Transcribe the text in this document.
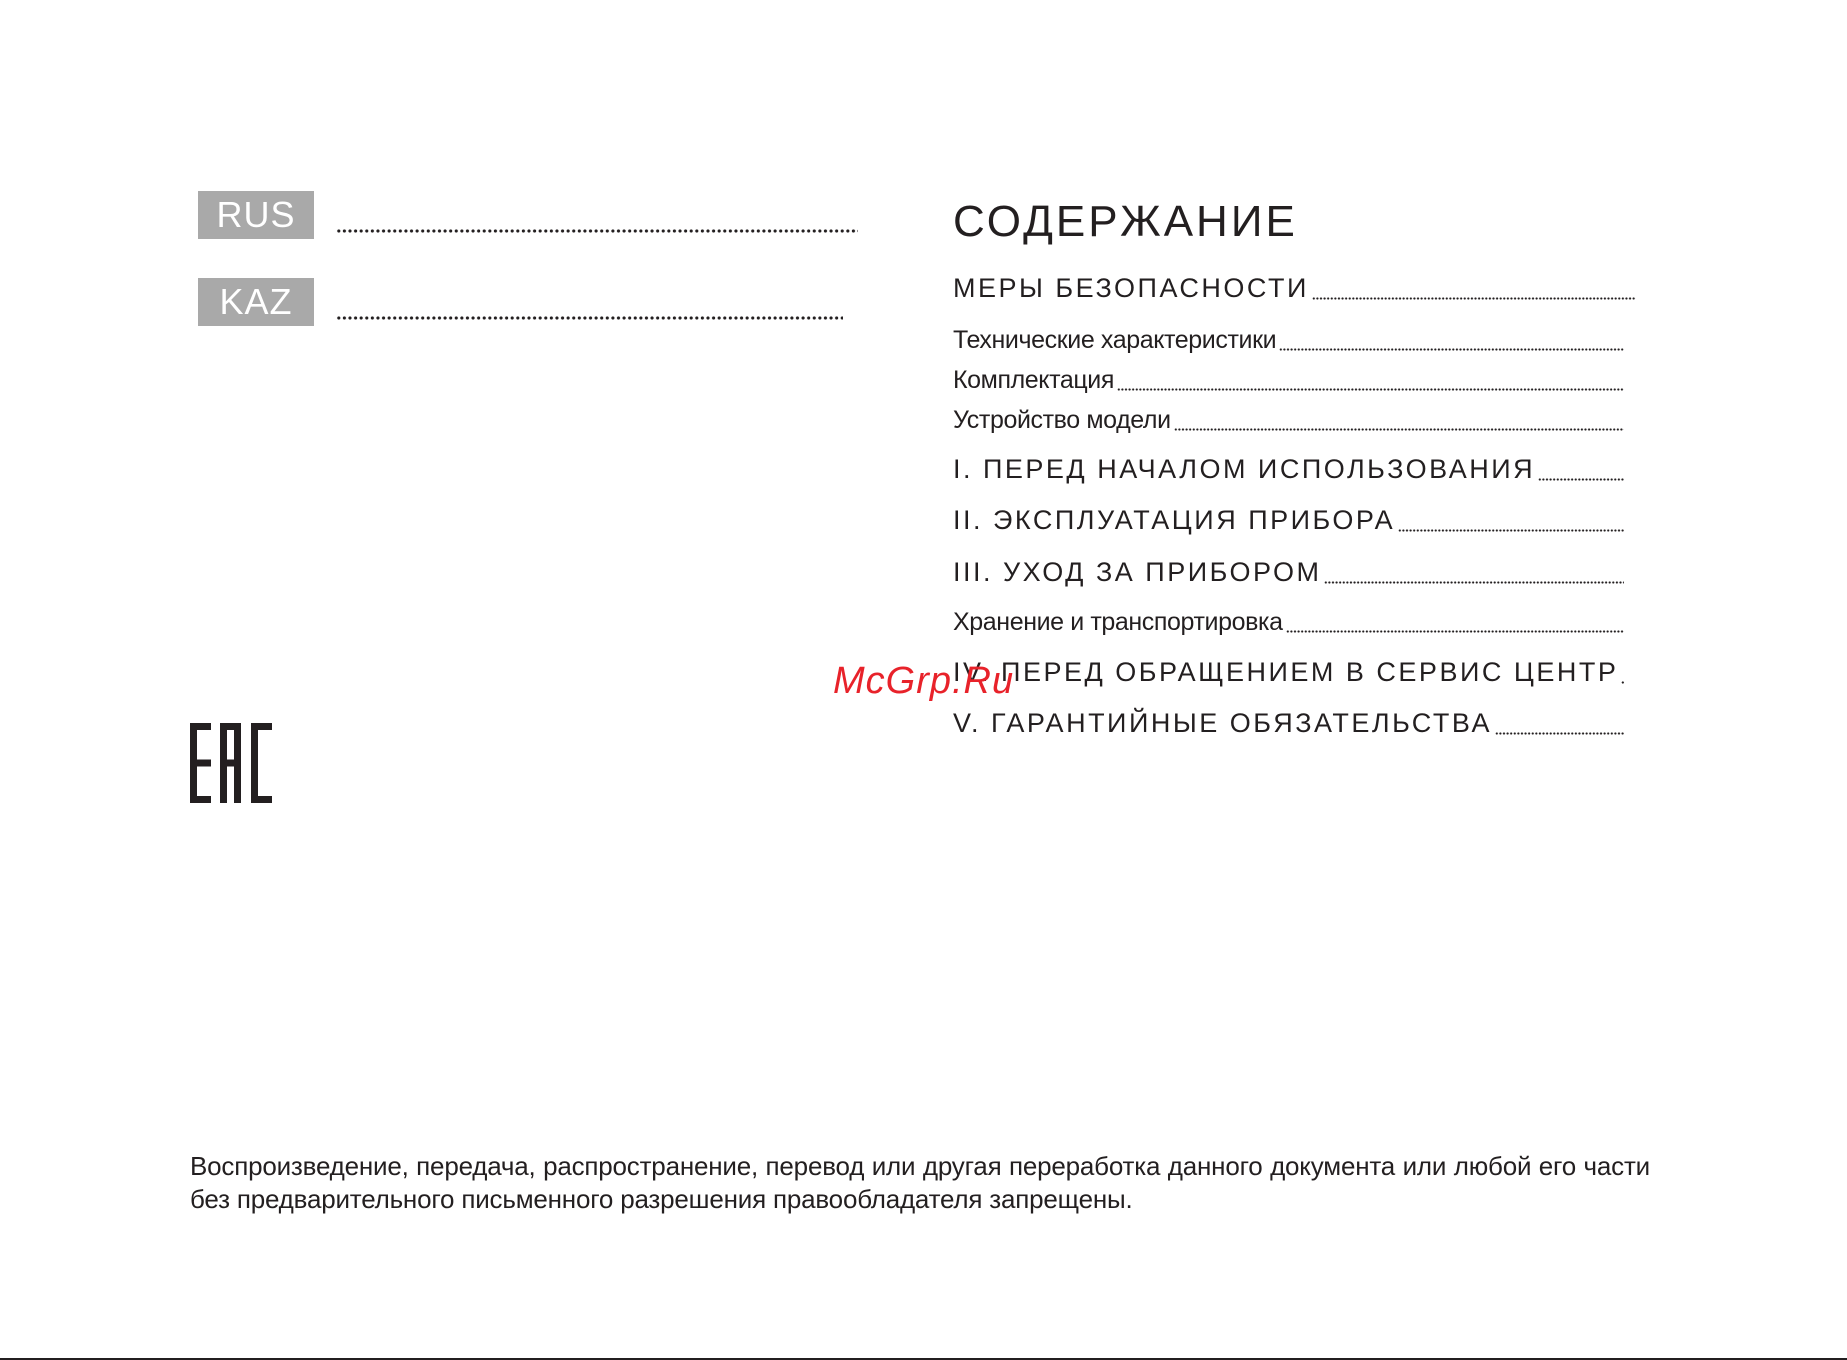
RUS
KAZ
СОДЕРЖАНИЕ
МЕРЫ БЕЗОПАСНОСТИ
Технические характеристики
Комплектация
Устройство модели
I. ПЕРЕД НАЧАЛОМ ИСПОЛЬЗОВАНИЯ
II. ЭКСПЛУАТАЦИЯ ПРИБОРА
III. УХОД ЗА ПРИБОРОМ
Хранение и транспортировка
IV. ПЕРЕД ОБРАЩЕНИЕМ В СЕРВИС ЦЕНТР
V. ГАРАНТИЙНЫЕ ОБЯЗАТЕЛЬСТВА
McGrp.Ru

Воспроизведение, передача, распространение, перевод или другая переработка данного документа или любой его части без предварительного письменного разрешения правообладателя запрещены.
